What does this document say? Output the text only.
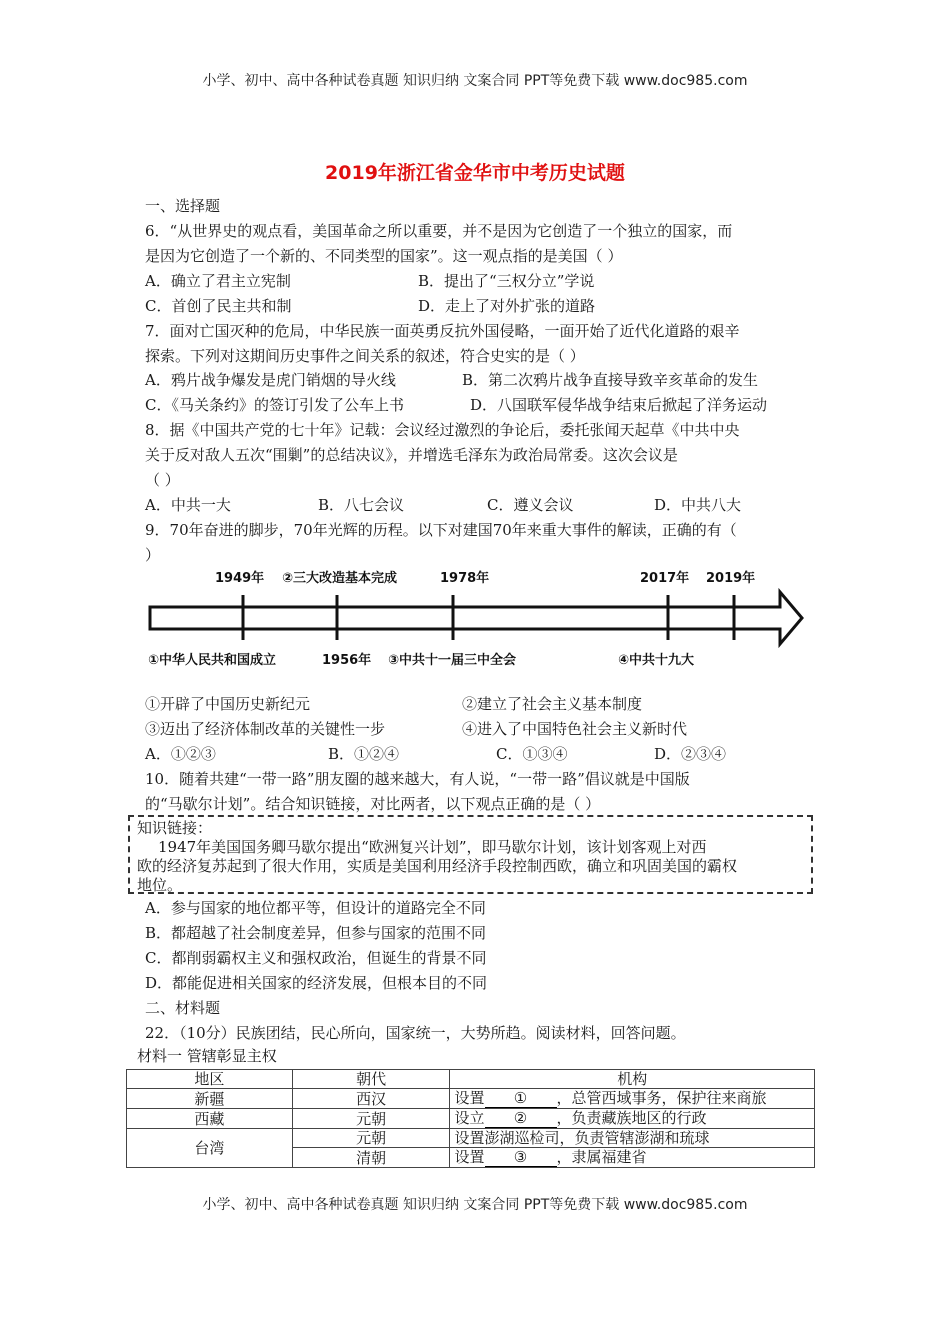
小学、初中、高中各种试卷真题 知识归纳 文案合同 PPT等免费下载 www.doc985.com
2019年浙江省金华市中考历史试题
一、选择题
6．“从世界史的观点看，美国革命之所以重要，并不是因为它创造了一个独立的国家，而
是因为它创造了一个新的、不同类型的国家”。这一观点指的是美国（ ）
A．确立了君主立宪制	B．提出了“三权分立”学说
C．首创了民主共和制	D．走上了对外扩张的道路
7．面对亡国灭种的危局，中华民族一面英勇反抗外国侵略，一面开始了近代化道路的艰辛
探索。下列对这期间历史事件之间关系的叙述，符合史实的是（ ）
A．鸦片战争爆发是虎门销烟的导火线	B．第二次鸦片战争直接导致辛亥革命的发生
C．《马关条约》的签订引发了公车上书	D．八国联军侵华战争结束后掀起了洋务运动
8．据《中国共产党的七十年》记载：会议经过激烈的争论后，委托张闻天起草《中共中央
关于反对敌人五次“围剿”的总结决议》，并增选毛泽东为政治局常委。这次会议是
（ ）
A．中共一大	B．八七会议	C．遵义会议	D．中共八大
9．70年奋进的脚步，70年光辉的历程。以下对建国70年来重大事件的解读，正确的有（
）
1949年 ②三大改造基本完成	1978年	2017年 2019年
①中华人民共和国成立	1956年 ③中共十一届三中全会	④中共十九大
①开辟了中国历史新纪元	②建立了社会主义基本制度
③迈出了经济体制改革的关键性一步	④进入了中国特色社会主义新时代
A．①②③	B．①②④	C．①③④	D．②③④
10．随着共建“一带一路”朋友圈的越来越大，有人说，“一带一路”倡议就是中国版
的“马歇尔计划”。结合知识链接，对比两者，以下观点正确的是（ ）
知识链接：
1947年美国国务卿马歇尔提出“欧洲复兴计划”，即马歇尔计划，该计划客观上对西
欧的经济复苏起到了很大作用，实质是美国利用经济手段控制西欧，确立和巩固美国的霸权
地位。
A．参与国家的地位都平等，但设计的道路完全不同
B．都超越了社会制度差异，但参与国家的范围不同
C．都削弱霸权主义和强权政治，但诞生的背景不同
D．都能促进相关国家的经济发展，但根本目的不同
二、材料题
22．（10分）民族团结，民心所向，国家统一，大势所趋。阅读材料，回答问题。
材料一 管辖彰显主权
地区	朝代	机构
新疆	西汉	设置 ① ，总管西域事务，保护往来商旅
西藏	元朝	设立 ② ，负责藏族地区的行政
台湾	元朝	设置澎湖巡检司，负责管辖澎湖和琉球
	清朝	设置 ③ ，隶属福建省
小学、初中、高中各种试卷真题 知识归纳 文案合同 PPT等免费下载 www.doc985.com
